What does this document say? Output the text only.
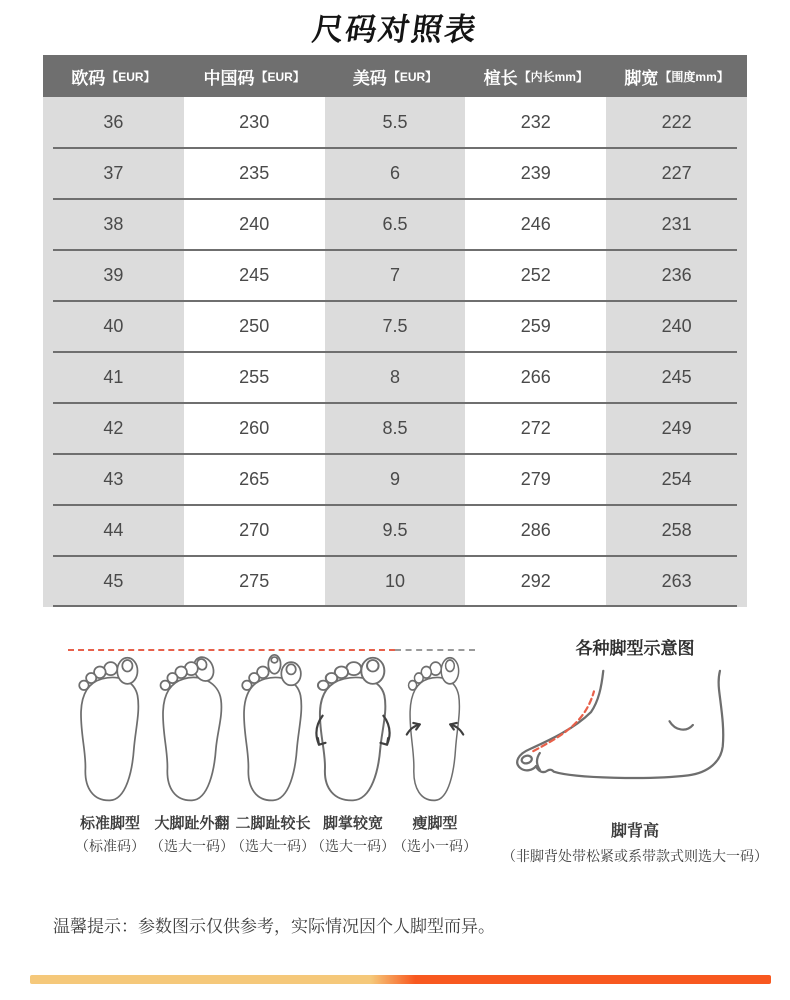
尺码对照表
欧码 【EUR】	中国码 【EUR】	美码 【EUR】	楦长 【内长mm】 脚宽 【围度mm】
36	230	5.5	232	222
37	235	6	239	227
38	240	6.5	246	231
39	245	7	252	236
40	250	7.5	259	240
41	255	8	266	245
42	260	8.5	272	249
43	265	9	279	254
44	270	9.5	286	258
45	275	10	292	263
标准脚型
（标准码）
大脚趾外翻
（选大一码）
二脚趾较长
（选大一码）
脚掌较宽
（选大一码）
瘦脚型
（选小一码）
各种脚型示意图
脚背高
（非脚背处带松紧或系带款式则选大一码）
温馨提示：参数图示仅供参考，实际情况因个人脚型而异。
